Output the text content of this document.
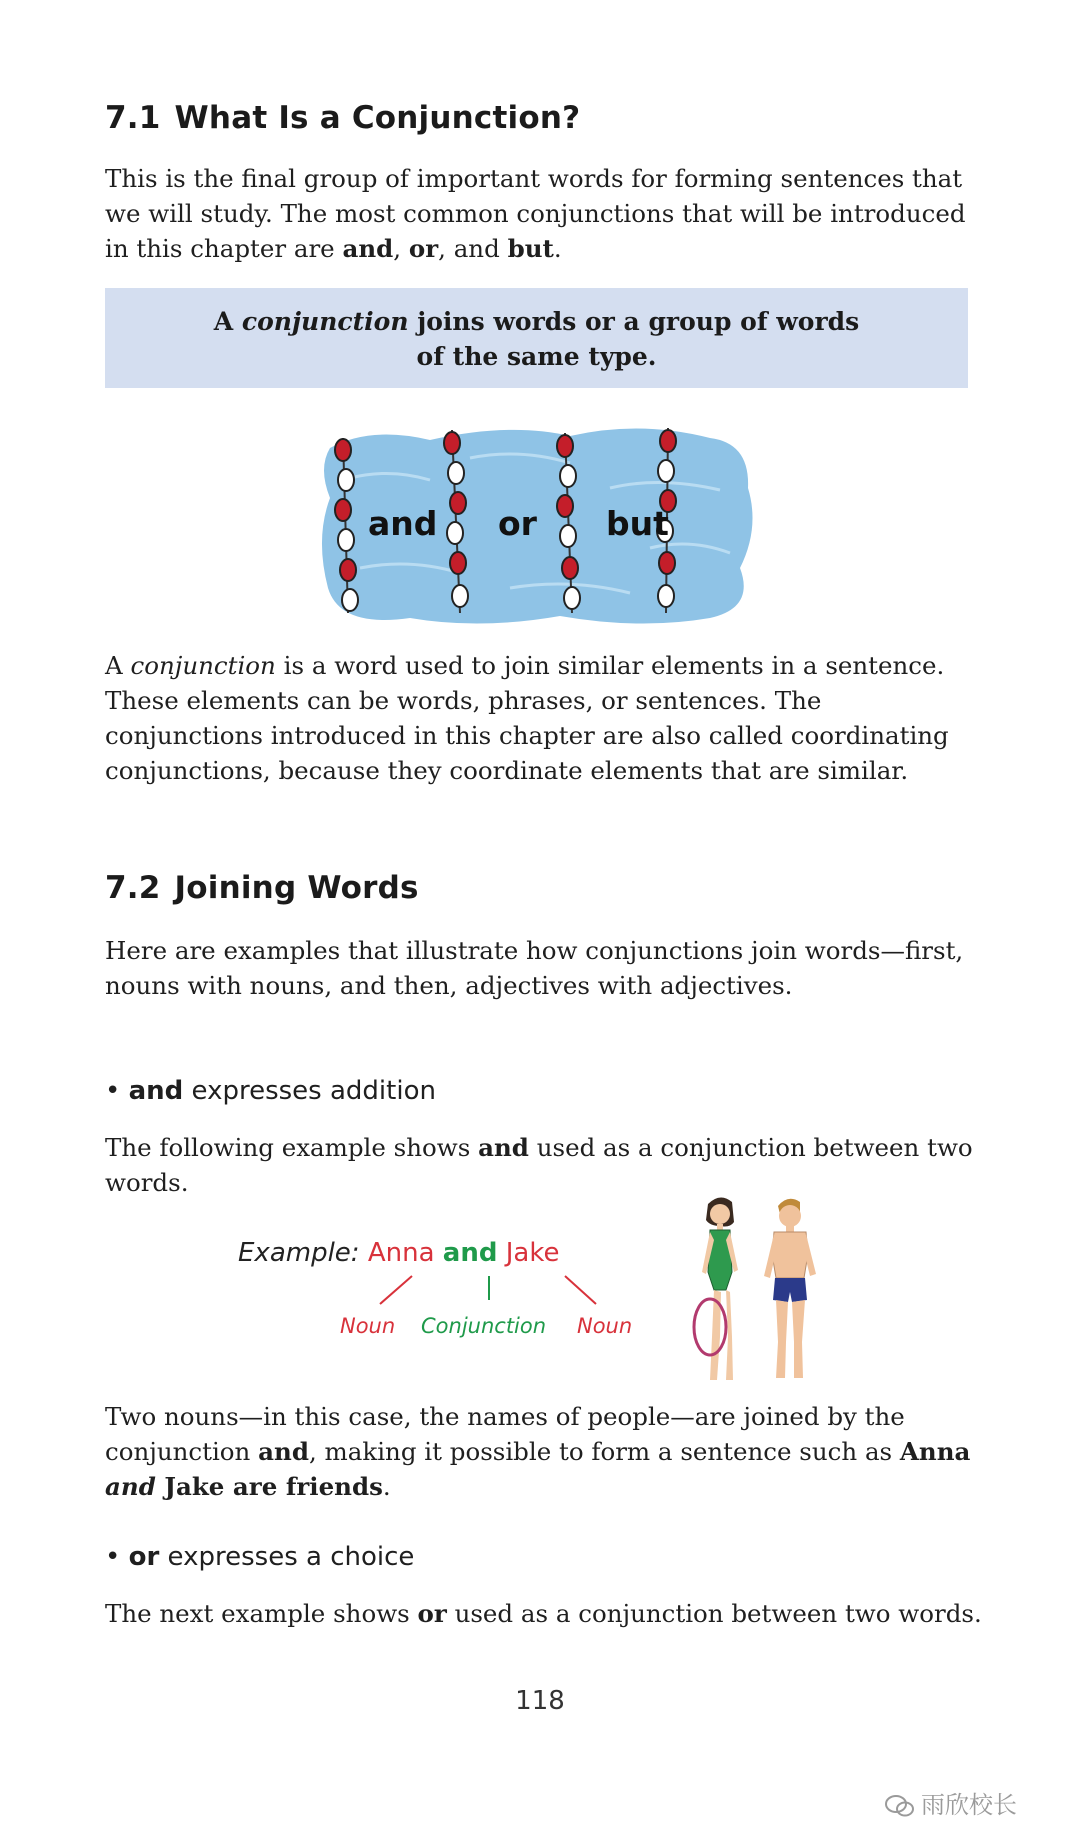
7.1 What Is a Conjunction?

This is the final group of important words for forming sentences that we will study. The most common conjunctions that will be introduced in this chapter are and, or, and but.

A conjunction joins words or a group of words
of the same type.

and or but

A conjunction is a word used to join similar elements in a sentence. These elements can be words, phrases, or sentences. The conjunctions introduced in this chapter are also called coordinating conjunctions, because they coordinate elements that are similar.

7.2 Joining Words

Here are examples that illustrate how conjunctions join words—first, nouns with nouns, and then, adjectives with adjectives.

• and expresses addition

The following example shows and used as a conjunction between two words.

Example: Anna and Jake
Noun Conjunction Noun

Two nouns—in this case, the names of people—are joined by the conjunction and, making it possible to form a sentence such as Anna and Jake are friends.

• or expresses a choice

The next example shows or used as a conjunction between two words.

118
雨欣校长
